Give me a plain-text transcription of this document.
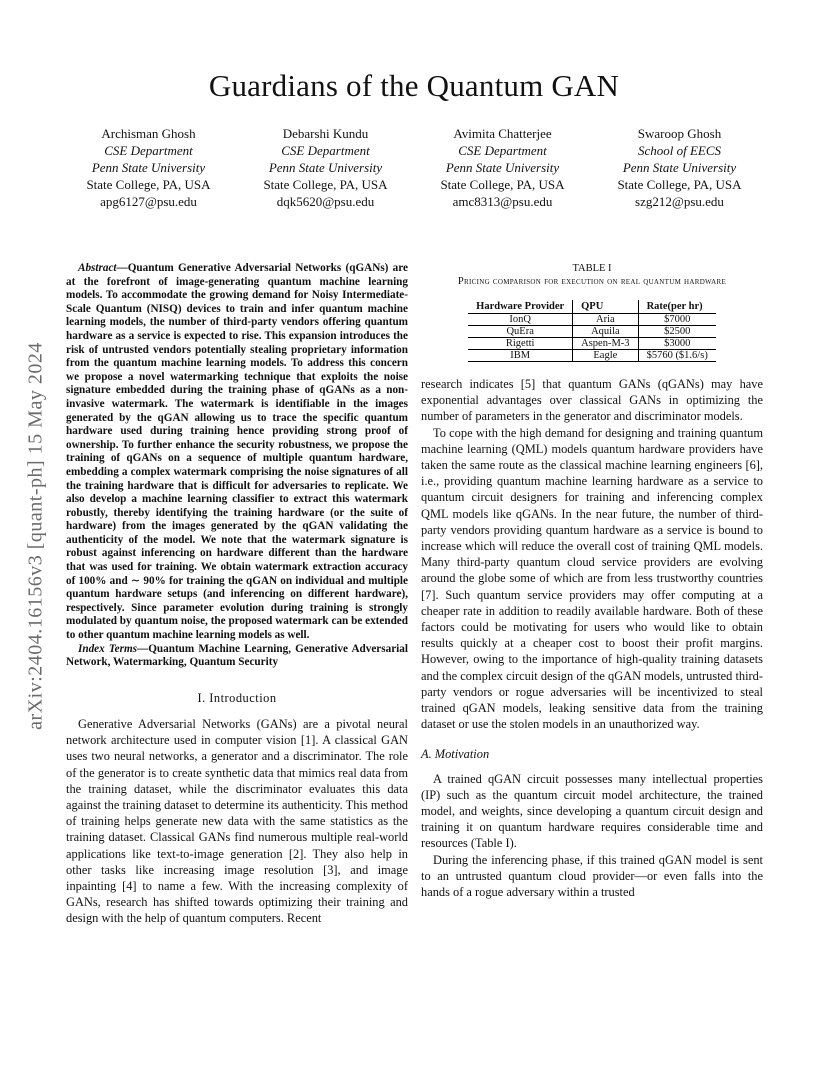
Guardians of the Quantum GAN
Archisman Ghosh
CSE Department
Penn State University
State College, PA, USA
apg6127@psu.edu
Debarshi Kundu
CSE Department
Penn State University
State College, PA, USA
dqk5620@psu.edu
Avimita Chatterjee
CSE Department
Penn State University
State College, PA, USA
amc8313@psu.edu
Swaroop Ghosh
School of EECS
Penn State University
State College, PA, USA
szg212@psu.edu
arXiv:2404.16156v3 [quant-ph] 15 May 2024

Abstract—Quantum Generative Adversarial Networks (qGANs) are at the forefront of image-generating quantum machine learning models. To accommodate the growing demand for Noisy Intermediate-Scale Quantum (NISQ) devices to train and infer quantum machine learning models, the number of third-party vendors offering quantum hardware as a service is expected to rise. This expansion introduces the risk of untrusted vendors potentially stealing proprietary information from the quantum machine learning models. To address this concern we propose a novel watermarking technique that exploits the noise signature embedded during the training phase of qGANs as a non-invasive watermark. The watermark is identifiable in the images generated by the qGAN allowing us to trace the specific quantum hardware used during training hence providing strong proof of ownership. To further enhance the security robustness, we propose the training of qGANs on a sequence of multiple quantum hardware, embedding a complex watermark comprising the noise signatures of all the training hardware that is difficult for adversaries to replicate. We also develop a machine learning classifier to extract this watermark robustly, thereby identifying the training hardware (or the suite of hardware) from the images generated by the qGAN validating the authenticity of the model. We note that the watermark signature is robust against inferencing on hardware different than the hardware that was used for training. We obtain watermark extraction accuracy of 100% and ∼ 90% for training the qGAN on individual and multiple quantum hardware setups (and inferencing on different hardware), respectively. Since parameter evolution during training is strongly modulated by quantum noise, the proposed watermark can be extended to other quantum machine learning models as well.

Index Terms—Quantum Machine Learning, Generative Adversarial Network, Watermarking, Quantum Security

I. Introduction

Generative Adversarial Networks (GANs) are a pivotal neural network architecture used in computer vision [1]. A classical GAN uses two neural networks, a generator and a discriminator. The role of the generator is to create synthetic data that mimics real data from the training dataset, while the discriminator evaluates this data against the training dataset to determine its authenticity. This method of training helps generate new data with the same statistics as the training dataset. Classical GANs find numerous multiple real-world applications like text-to-image generation [2]. They also help in other tasks like increasing image resolution [3], and image inpainting [4] to name a few. With the increasing complexity of GANs, research has shifted towards optimizing their training and design with the help of quantum computers. Recent

TABLE I

Pricing comparison for execution on real quantum hardware

Hardware Provider	QPU	Rate(per hr)
IonQ	Aria	$7000
QuEra	Aquila	$2500
Rigetti	Aspen-M-3	$3000
IBM	Eagle	$5760 ($1.6/s)

research indicates [5] that quantum GANs (qGANs) may have exponential advantages over classical GANs in optimizing the number of parameters in the generator and discriminator models.

To cope with the high demand for designing and training quantum machine learning (QML) models quantum hardware providers have taken the same route as the classical machine learning engineers [6], i.e., providing quantum machine learning hardware as a service to quantum circuit designers for training and inferencing complex QML models like qGANs. In the near future, the number of third-party vendors providing quantum hardware as a service is bound to increase which will reduce the overall cost of training QML models. Many third-party quantum cloud service providers are evolving around the globe some of which are from less trustworthy countries [7]. Such quantum service providers may offer computing at a cheaper rate in addition to readily available hardware. Both of these factors could be motivating for users who would like to obtain results quickly at a cheaper cost to boost their profit margins. However, owing to the importance of high-quality training datasets and the complex circuit design of the qGAN models, untrusted third-party vendors or rogue adversaries will be incentivized to steal trained qGAN models, leaking sensitive data from the training dataset or use the stolen models in an unauthorized way.

A. Motivation

A trained qGAN circuit possesses many intellectual properties (IP) such as the quantum circuit model architecture, the trained model, and weights, since developing a quantum circuit design and training it on quantum hardware requires considerable time and resources (Table I).

During the inferencing phase, if this trained qGAN model is sent to an untrusted quantum cloud provider—or even falls into the hands of a rogue adversary within a trusted
